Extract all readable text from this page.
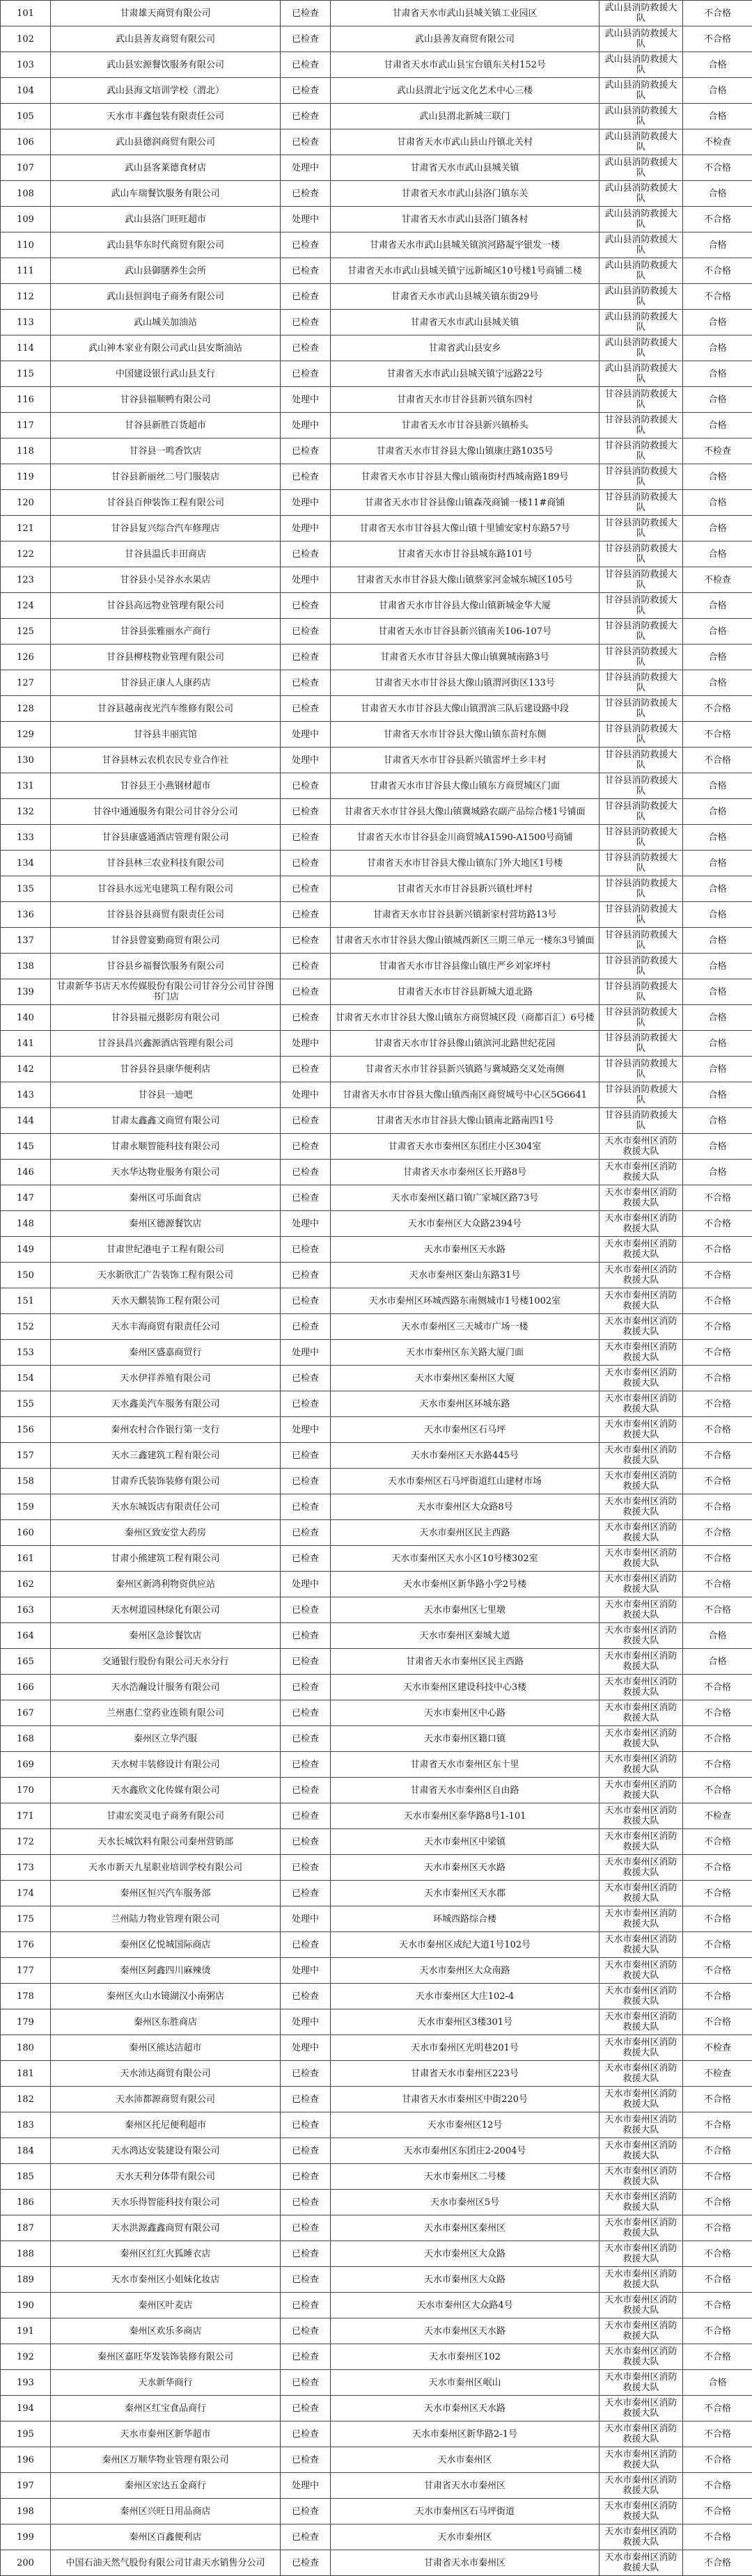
101	甘肃雄天商贸有限公司	已检查	甘肃省天水市武山县城关镇工业园区	武山县消防救援大队	不合格
102	武山县善友商贸有限公司	已检查	武山县善友商贸有限公司	武山县消防救援大队	不合格
103	武山县宏源餐饮服务有限公司	已检查	甘肃省天水市武山县宝台镇东关村152号	武山县消防救援大队	合格
104	武山县海文培训学校（渭北）	已检查	武山县渭北宁远文化艺术中心三楼	武山县消防救援大队	合格
105	天水市丰鑫包装有限责任公司	已检查	武山县渭北新城三联门	武山县消防救援大队	合格
106	武山县德润商贸有限公司	已检查	甘肃省天水市武山县山丹镇北关村	武山县消防救援大队	不检查
107	武山县客莱德食材店	处理中	甘肃省天水市武山县城关镇	武山县消防救援大队	不合格
108	武山车瑞餐饮服务有限公司	已检查	甘肃省天水市武山县洛门镇东关	武山县消防救援大队	合格
109	武山县洛门旺旺超市	处理中	甘肃省天水市武山县洛门镇各村	武山县消防救援大队	不合格
110	武山县华东时代商贸有限公司	已检查	甘肃省天水市武山县城关镇滨河路凝宇银发一楼	武山县消防救援大队	合格
111	武山县御膳养生会所	已检查	甘肃省天水市武山县城关镇宁远新城区10号楼1号商铺二楼	武山县消防救援大队	不合格
112	武山县恒润电子商务有限公司	已检查	甘肃省天水市武山县城关镇东街29号	武山县消防救援大队	不合格
113	武山城关加油站	已检查	甘肃省天水市武山县城关镇	武山县消防救援大队	合格
114	武山神木家业有限公司武山县安斯油站	已检查	甘肃省武山县安乡	武山县消防救援大队	合格
115	中国建设银行武山县支行	已检查	甘肃省天水市武山县城关镇宁远路22号	武山县消防救援大队	合格
116	甘谷县福顺鸭有限公司	处理中	甘肃省天水市甘谷县新兴镇东四村	甘谷县消防救援大队	合格
117	甘谷县新胜百货超市	处理中	甘肃省天水市甘谷县新兴镇桥头	甘谷县消防救援大队	合格
118	甘谷县一鸣香饮店	已检查	甘肃省天水市甘谷县大像山镇康庄路1035号	甘谷县消防救援大队	不检查
119	甘谷县新丽丝二号门服装店	已检查	甘肃省天水市甘谷县大像山镇南街村西城南路189号	甘谷县消防救援大队	合格
120	甘谷县百伸装饰工程有限公司	处理中	甘肃省天水市甘谷县像山镇森茂商铺一楼11#商铺	甘谷县消防救援大队	合格
121	甘谷县复兴综合汽车修理店	处理中	甘肃省天水市甘谷县大像山镇十里铺安家村东路57号	甘谷县消防救援大队	合格
122	甘谷县温氏丰田商店	已检查	甘肃省天水市甘谷县城东路101号	甘谷县消防救援大队	合格
123	甘谷县小吴谷水水果店	处理中	甘肃省天水市甘谷县大像山镇蔡家河金城东城区105号	甘谷县消防救援大队	不检查
124	甘谷县高远物业管理有限公司	已检查	甘肃省天水市甘谷县大像山镇新城金华大厦	甘谷县消防救援大队	合格
125	甘谷县张雅丽水产商行	已检查	甘肃省天水市甘谷县新兴镇南关106-107号	甘谷县消防救援大队	合格
126	甘谷县柳枝物业管理有限公司	已检查	甘肃省天水市甘谷县大像山镇冀城南路3号	甘谷县消防救援大队	合格
127	甘谷县正康人人康药店	已检查	甘肃省天水市甘谷县大像山镇渭河街区133号	甘谷县消防救援大队	合格
128	甘谷县越南夜光汽车维修有限公司	已检查	甘肃省天水市甘谷县大像山镇渭滨三队后建设路中段	甘谷县消防救援大队	不合格
129	甘谷县丰丽宾馆	处理中	甘肃省天水市甘谷县大像山镇东苗村东侧	甘谷县消防救援大队	不合格
130	甘谷县林云农机农民专业合作社	处理中	甘肃省天水市甘谷县新兴镇雷坪土乡丰村	甘谷县消防救援大队	不合格
131	甘谷县王小燕钢材超市	已检查	甘肃省天水市甘谷县大像山镇东方商贸城区门面	甘谷县消防救援大队	合格
132	甘谷中通通服务有限公司甘谷分公司	已检查	甘肃省天水市甘谷县大像山镇冀城路农副产品综合楼1号铺面	甘谷县消防救援大队	合格
133	甘谷县康盛通酒店管理有限公司	已检查	甘肃省天水市甘谷县金川商贸城A1590-A1500号商铺	甘谷县消防救援大队	合格
134	甘谷县林三农业科技有限公司	已检查	甘肃省天水市甘谷县大像山镇东门外大地区1号楼	甘谷县消防救援大队	合格
135	甘谷县水远光电建筑工程有限公司	已检查	甘肃省天水市甘谷县新兴镇杜坪村	甘谷县消防救援大队	合格
136	甘谷县谷县商贸有限责任公司	已检查	甘肃省天水市甘谷县新兴镇新家村营坊路13号	甘谷县消防救援大队	合格
137	甘谷县曾宴勤商贸有限公司	已检查	甘肃省天水市甘谷县大像山镇城西新区三期三单元一楼东3号铺面	甘谷县消防救援大队	合格
138	甘谷县乡福餐饮服务有限公司	已检查	甘肃省天水市甘谷县像山镇庄严乡刘家坪村	甘谷县消防救援大队	合格
139	甘肃新华书店天水传媒股份有限公司甘谷分公司甘谷图书门店	已检查	甘肃省天水市甘谷县新城大道北路	甘谷县消防救援大队	合格
140	甘谷县福元摄影房有限公司	已检查	甘肃省天水市甘谷县大像山镇东方商贸城区段（商都百汇）6号楼	甘谷县消防救援大队	合格
141	甘谷县昌兴鑫源酒店管理有限公司	处理中	甘肃省天水市甘谷县像山镇滨河北路世纪花园	甘谷县消防救援大队	合格
142	甘谷县谷县康华便利店	已检查	甘肃省天水市甘谷县新兴镇路与冀城路交叉处南侧	甘谷县消防救援大队	合格
143	甘谷县一迪吧	处理中	甘肃省天水市甘谷县大像山镇西南区商贸城号中心区5G6641	甘谷县消防救援大队	合格
144	甘肃太鑫鑫文商贸有限公司	已检查	甘肃省天水市甘谷县大像山镇南北路南四1号	甘谷县消防救援大队	合格
145	甘肃永顺智能科技有限公司	已检查	甘肃省天水市秦州区东团庄小区304室	天水市秦州区消防救援大队	合格
146	天水华达物业服务有限公司	已检查	甘肃省天水市秦州区长开路8号	天水市秦州区消防救援大队	合格
147	秦州区可乐面食店	已检查	天水市秦州区藉口镇广家城区路73号	天水市秦州区消防救援大队	不合格
148	秦州区德源餐饮店	处理中	天水市秦州区大众路2394号	天水市秦州区消防救援大队	不合格
149	甘肃世纪港电子工程有限公司	已检查	天水市秦州区天水路	天水市秦州区消防救援大队	不合格
150	天水新欣汇广告装饰工程有限公司	已检查	天水市秦州区秦山东路31号	天水市秦州区消防救援大队	不合格
151	天水天麒装饰工程有限公司	已检查	天水市秦州区环城西路东南侧城市1号楼1002室	天水市秦州区消防救援大队	不合格
152	天水丰海商贸有限责任公司	已检查	天水市秦州区三天城市广场一楼	天水市秦州区消防救援大队	不合格
153	秦州区盛嘉商贸行	处理中	天水市秦州区东关路大厦门面	天水市秦州区消防救援大队	不合格
154	天水伊祥养殖有限公司	已检查	天水市秦州区秦州区大厦	天水市秦州区消防救援大队	不合格
155	天水鑫美汽车服务有限公司	已检查	天水市秦州区环城东路	天水市秦州区消防救援大队	不合格
156	秦州农村合作银行第一支行	处理中	天水市秦州区石马坪	天水市秦州区消防救援大队	不合格
157	天水三鑫建筑工程有限公司	已检查	天水市秦州区天水路445号	天水市秦州区消防救援大队	不合格
158	甘肃乔氏装饰装修有限公司	已检查	天水市秦州区石马坪街道红山建材市场	天水市秦州区消防救援大队	不合格
159	天水东城饭店有限责任公司	已检查	天水市秦州区大众路8号	天水市秦州区消防救援大队	不合格
160	秦州区致安堂大药房	已检查	天水市秦州区民主西路	天水市秦州区消防救援大队	不合格
161	甘肃小熊建筑工程有限公司	已检查	天水市秦州区天水小区10号楼302室	天水市秦州区消防救援大队	不合格
162	秦州区新鸿利物资供应站	处理中	天水市秦州区新华路小学2号楼	天水市秦州区消防救援大队	不合格
163	天水树道园林绿化有限公司	已检查	天水市秦州区七里墩	天水市秦州区消防救援大队	不合格
164	秦州区急诊餐饮店	已检查	天水市秦州区秦城大道	天水市秦州区消防救援大队	合格
165	交通银行股份有限公司天水分行	已检查	甘肃省天水市秦州区民主西路	天水市秦州区消防救援大队	合格
166	天水浩瀚设计服务有限公司	已检查	天水市秦州区建设科技中心3楼	天水市秦州区消防救援大队	不合格
167	兰州惠仁堂药业连锁有限公司	已检查	天水市秦州区中心路	天水市秦州区消防救援大队	不合格
168	秦州区立华汽服	已检查	天水市秦州区籍口镇	天水市秦州区消防救援大队	不合格
169	天水树丰装修设计有限公司	已检查	甘肃省天水市秦州区东十里	天水市秦州区消防救援大队	不合格
170	天水鑫欣文化传媒有限公司	已检查	甘肃省天水市秦州区自由路	天水市秦州区消防救援大队	不合格
171	甘肃宏奕灵电子商务有限公司	已检查	天水市秦州区泰华路8号1-101	天水市秦州区消防救援大队	不检查
172	天水长城饮料有限公司秦州营销部	已检查	天水市秦州区中梁镇	天水市秦州区消防救援大队	不合格
173	天水市新天九星职业培训学校有限公司	已检查	天水市秦州区天水路	天水市秦州区消防救援大队	不合格
174	秦州区恒兴汽车服务部	已检查	天水市秦州区天水郡	天水市秦州区消防救援大队	不合格
175	兰州陆力物业管理有限公司	处理中	环城西路综合楼	天水市秦州区消防救援大队	不合格
176	秦州区亿悦城国际商店	已检查	天水市秦州区成纪大道1号102号	天水市秦州区消防救援大队	不合格
177	秦州区阿鑫四川麻辣烫	处理中	天水市秦州区大众南路	天水市秦州区消防救援大队	不合格
178	秦州区火山水镜湖汉小南粥店	已检查	天水市秦州区大庄102-4	天水市秦州区消防救援大队	不合格
179	秦州区东胜商店	处理中	天水市秦州区3楼301号	天水市秦州区消防救援大队	不合格
180	秦州区熊达洁超市	处理中	天水市秦州区光明巷201号	天水市秦州区消防救援大队	不检查
181	天水沛达商贸有限公司	已检查	甘肃省天水市秦州区223号	天水市秦州区消防救援大队	不检查
182	天水沛都源商贸有限公司	已检查	甘肃省天水市秦州区中街220号	天水市秦州区消防救援大队	不合格
183	秦州区托尼便利超市	已检查	天水市秦州区12号	天水市秦州区消防救援大队	不合格
184	天水鸿达安装建设有限公司	已检查	天水市秦州区东团庄2-2004号	天水市秦州区消防救援大队	不合格
185	天水天利分体带有限公司	已检查	天水市秦州区二号楼	天水市秦州区消防救援大队	不合格
186	天水乐得智能科技有限公司	已检查	天水市秦州区5号	天水市秦州区消防救援大队	不合格
187	天水洪源鑫鑫商贸有限公司	已检查	天水市秦州区秦州区	天水市秦州区消防救援大队	不合格
188	秦州区红红火狐睡衣店	已检查	天水市秦州区大众路	天水市秦州区消防救援大队	不合格
189	天水市秦州区小姐妹化妆店	已检查	天水市秦州区大众路	天水市秦州区消防救援大队	不合格
190	秦州区叶麦店	已检查	天水市秦州区大众路4号	天水市秦州区消防救援大队	不合格
191	秦州区欢乐多商店	已检查	天水市秦州区天水路	天水市秦州区消防救援大队	不合格
192	秦州区嘉旺华发装饰装修有限公司	已检查	天水市秦州区102	天水市秦州区消防救援大队	不合格
193	天水新华商行	已检查	天水市秦州区岷山	天水市秦州区消防救援大队	合格
194	秦州区红宝食品商行	已检查	天水市秦州区天水路	天水市秦州区消防救援大队	不合格
195	天水市秦州区新华超市	已检查	天水市秦州区新华路2-1号	天水市秦州区消防救援大队	不合格
196	秦州区万顺华物业管理有限公司	已检查	天水市秦州区	天水市秦州区消防救援大队	不合格
197	秦州区宏达五金商行	处理中	甘肃省天水市秦州区	天水市秦州区消防救援大队	不合格
198	秦州区兴旺日用品商店	已检查	天水市秦州区石马坪街道	天水市秦州区消防救援大队	不合格
199	秦州区百鑫便利店	已检查	天水市秦州区	天水市秦州区消防救援大队	不合格
200	中国石油天然气股份有限公司甘肃天水销售分公司	已检查	甘肃省天水市秦州区	天水市秦州区消防救援大队	不合格
